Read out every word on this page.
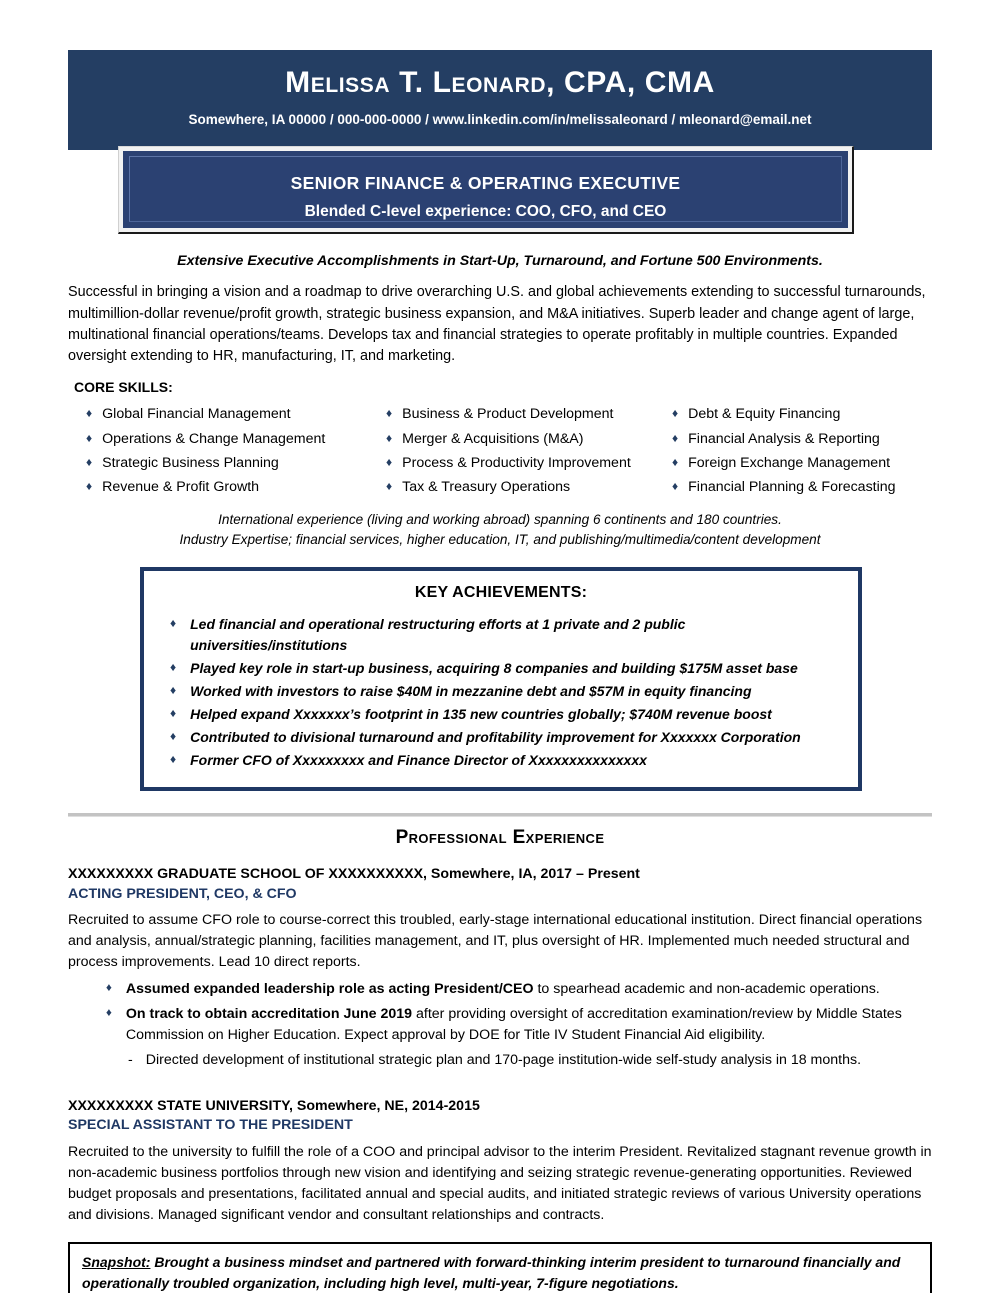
Melissa T. Leonard, CPA, CMA
Somewhere, IA 00000 / 000-000-0000 / www.linkedin.com/in/melissaleonard / mleonard@email.net
SENIOR FINANCE & OPERATING EXECUTIVE
Blended C-level experience: COO, CFO, and CEO
Extensive Executive Accomplishments in Start-Up, Turnaround, and Fortune 500 Environments.
Successful in bringing a vision and a roadmap to drive overarching U.S. and global achievements extending to successful turnarounds, multimillion-dollar revenue/profit growth, strategic business expansion, and M&A initiatives. Superb leader and change agent of large, multinational financial operations/teams. Develops tax and financial strategies to operate profitably in multiple countries. Expanded oversight extending to HR, manufacturing, IT, and marketing.
CORE SKILLS:
♦ Global Financial Management	♦ Business & Product Development	♦ Debt & Equity Financing
♦ Operations & Change Management	♦ Merger & Acquisitions (M&A)	♦ Financial Analysis & Reporting
♦ Strategic Business Planning	♦ Process & Productivity Improvement	♦ Foreign Exchange Management
♦ Revenue & Profit Growth	♦ Tax & Treasury Operations	♦ Financial Planning & Forecasting
International experience (living and working abroad) spanning 6 continents and 180 countries.
Industry Expertise; financial services, higher education, IT, and publishing/multimedia/content development
KEY ACHIEVEMENTS:
♦ Led financial and operational restructuring efforts at 1 private and 2 public universities/institutions
♦ Played key role in start-up business, acquiring 8 companies and building $175M asset base
♦ Worked with investors to raise $40M in mezzanine debt and $57M in equity financing
♦ Helped expand Xxxxxxx’s footprint in 135 new countries globally; $740M revenue boost
♦ Contributed to divisional turnaround and profitability improvement for Xxxxxxx Corporation
♦ Former CFO of Xxxxxxxxx and Finance Director of Xxxxxxxxxxxxxxx
Professional Experience
XXXXXXXXX GRADUATE SCHOOL OF XXXXXXXXXX, Somewhere, IA, 2017 – Present
ACTING PRESIDENT, CEO, & CFO
Recruited to assume CFO role to course-correct this troubled, early-stage international educational institution. Direct financial operations and analysis, annual/strategic planning, facilities management, and IT, plus oversight of HR. Implemented much needed structural and process improvements. Lead 10 direct reports.
♦ Assumed expanded leadership role as acting President/CEO to spearhead academic and non-academic operations.
♦ On track to obtain accreditation June 2019 after providing oversight of accreditation examination/review by Middle States Commission on Higher Education. Expect approval by DOE for Title IV Student Financial Aid eligibility.
- Directed development of institutional strategic plan and 170-page institution-wide self-study analysis in 18 months.
XXXXXXXXX STATE UNIVERSITY, Somewhere, NE, 2014-2015
SPECIAL ASSISTANT TO THE PRESIDENT
Recruited to the university to fulfill the role of a COO and principal advisor to the interim President. Revitalized stagnant revenue growth in non-academic business portfolios through new vision and identifying and seizing strategic revenue-generating opportunities. Reviewed budget proposals and presentations, facilitated annual and special audits, and initiated strategic reviews of various University operations and divisions. Managed significant vendor and consultant relationships and contracts.
Snapshot: Brought a business mindset and partnered with forward-thinking interim president to turnaround financially and operationally troubled organization, including high level, multi-year, 7-figure negotiations.
